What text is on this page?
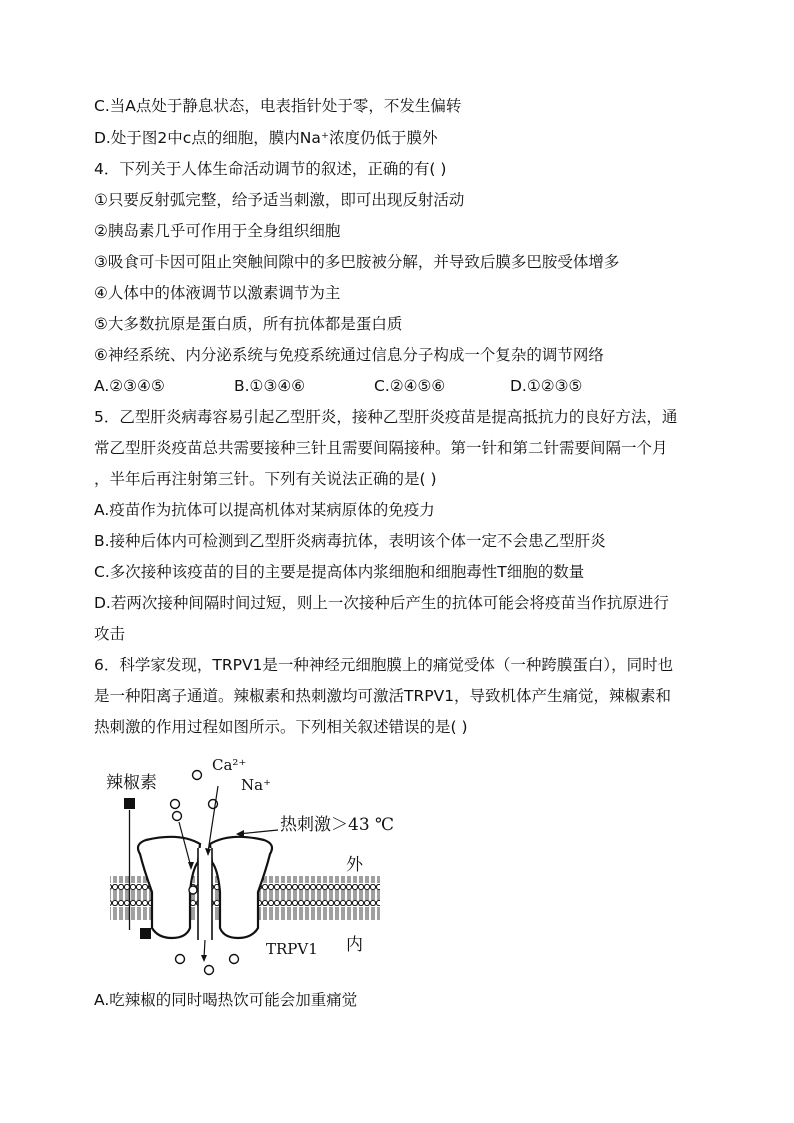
C.当A点处于静息状态，电表指针处于零，不发生偏转
D.处于图2中c点的细胞，膜内Na⁺浓度仍低于膜外
4．下列关于人体生命活动调节的叙述，正确的有( )
①只要反射弧完整，给予适当刺激，即可出现反射活动
②胰岛素几乎可作用于全身组织细胞
③吸食可卡因可阻止突触间隙中的多巴胺被分解，并导致后膜多巴胺受体增多
④人体中的体液调节以激素调节为主
⑤大多数抗原是蛋白质，所有抗体都是蛋白质
⑥神经系统、内分泌系统与免疫系统通过信息分子构成一个复杂的调节网络
A.②③④⑤	B.①③④⑥	C.②④⑤⑥	D.①②③⑤
5．乙型肝炎病毒容易引起乙型肝炎，接种乙型肝炎疫苗是提高抵抗力的良好方法，通
常乙型肝炎疫苗总共需要接种三针且需要间隔接种。第一针和第二针需要间隔一个月
，半年后再注射第三针。下列有关说法正确的是( )
A.疫苗作为抗体可以提高机体对某病原体的免疫力
B.接种后体内可检测到乙型肝炎病毒抗体，表明该个体一定不会患乙型肝炎
C.多次接种该疫苗的目的主要是提高体内浆细胞和细胞毒性T细胞的数量
D.若两次接种间隔时间过短，则上一次接种后产生的抗体可能会将疫苗当作抗原进行
攻击
6．科学家发现，TRPV1是一种神经元细胞膜上的痛觉受体（一种跨膜蛋白），同时也
是一种阳离子通道。辣椒素和热刺激均可激活TRPV1，导致机体产生痛觉，辣椒素和
热刺激的作用过程如图所示。下列相关叙述错误的是( )
辣椒素
Ca²⁺
Na⁺
热刺激＞43 ℃
外
内
TRPV1
A.吃辣椒的同时喝热饮可能会加重痛觉
